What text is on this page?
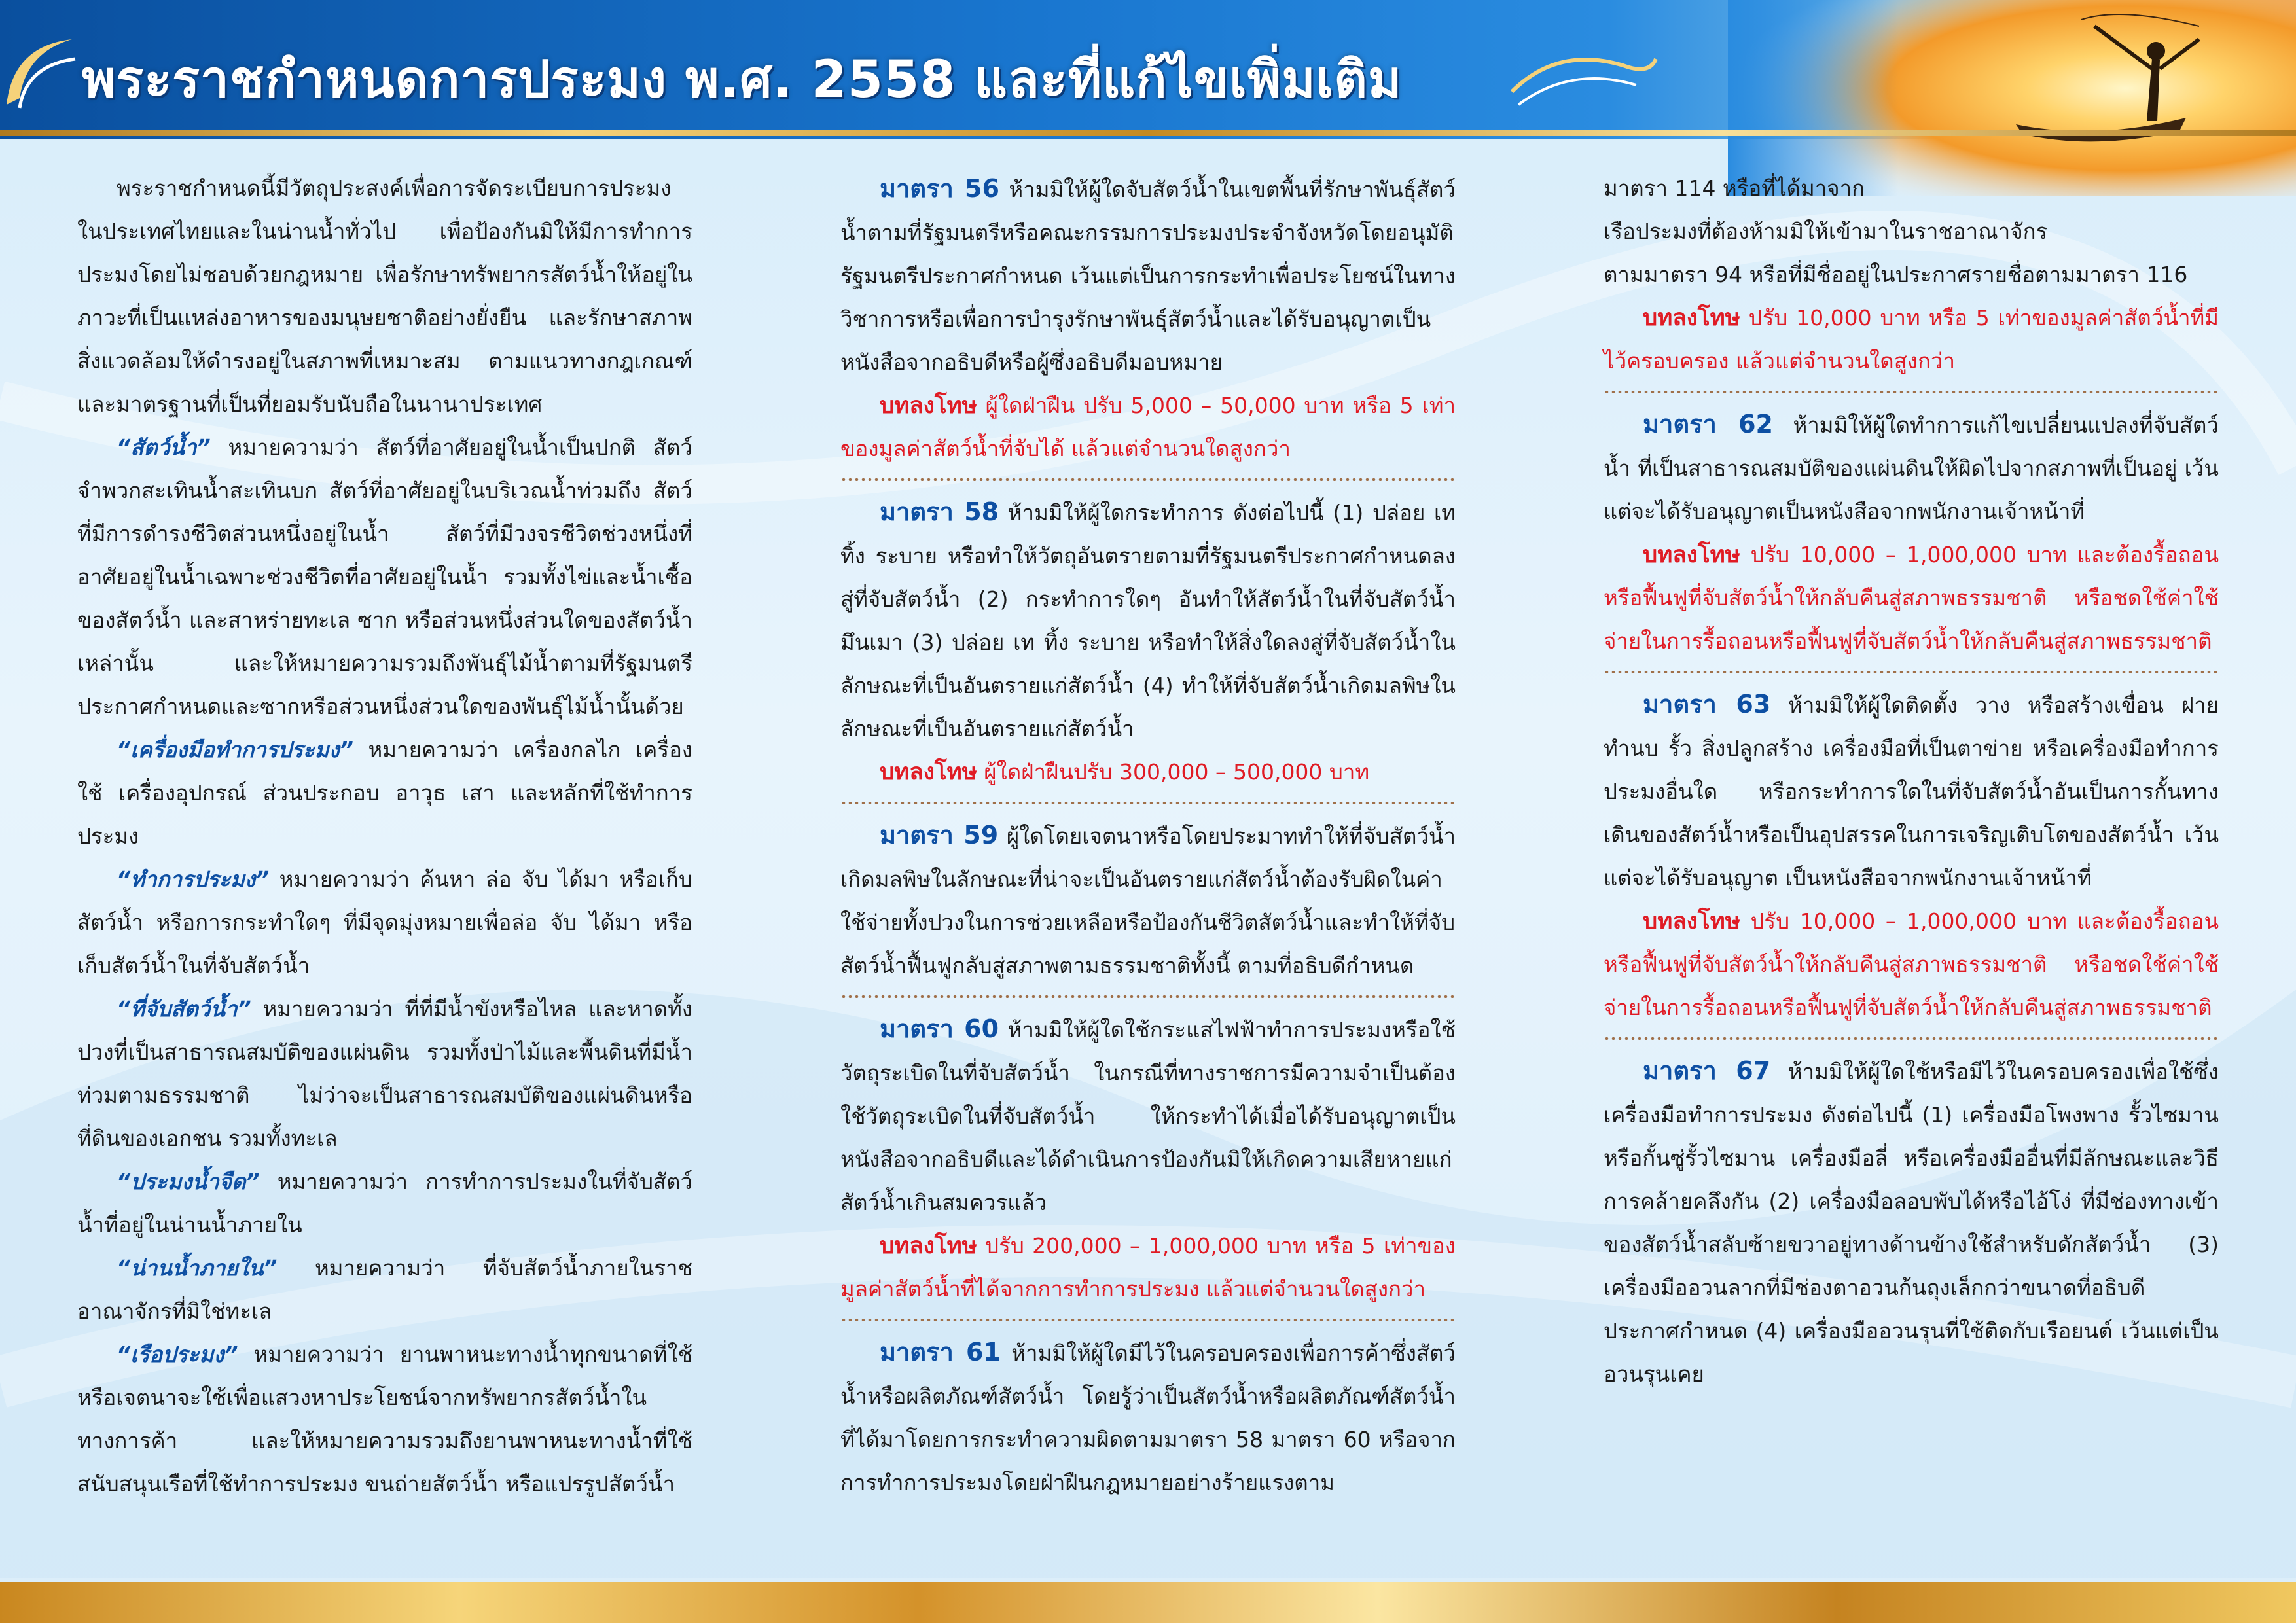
พระราชกำหนดการประมง พ.ศ. 2558 และที่แก้ไขเพิ่มเติม

พระราชกำหนดนี้มีวัตถุประสงค์เพื่อการจัดระเบียบการประมงในประเทศไทยและในน่านน้ำทั่วไป เพื่อป้องกันมิให้มีการทำการประมงโดยไม่ชอบด้วยกฎหมาย เพื่อรักษาทรัพยากรสัตว์น้ำให้อยู่ในภาวะที่เป็นแหล่งอาหารของมนุษยชาติอย่างยั่งยืน และรักษาสภาพสิ่งแวดล้อมให้ดำรงอยู่ในสภาพที่เหมาะสม ตามแนวทางกฎเกณฑ์และมาตรฐานที่เป็นที่ยอมรับนับถือในนานาประเทศ

“สัตว์น้ำ” หมายความว่า สัตว์ที่อาศัยอยู่ในน้ำเป็นปกติ สัตว์จำพวกสะเทินน้ำสะเทินบก สัตว์ที่อาศัยอยู่ในบริเวณน้ำท่วมถึง สัตว์ที่มีการดำรงชีวิตส่วนหนึ่งอยู่ในน้ำ สัตว์ที่มีวงจรชีวิตช่วงหนึ่งที่อาศัยอยู่ในน้ำเฉพาะช่วงชีวิตที่อาศัยอยู่ในน้ำ รวมทั้งไข่และน้ำเชื้อของสัตว์น้ำ และสาหร่ายทะเล ซาก หรือส่วนหนึ่งส่วนใดของสัตว์น้ำเหล่านั้น และให้หมายความรวมถึงพันธุ์ไม้น้ำตามที่รัฐมนตรีประกาศกำหนดและซากหรือส่วนหนึ่งส่วนใดของพันธุ์ไม้น้ำนั้นด้วย

“เครื่องมือทำการประมง” หมายความว่า เครื่องกลไก เครื่องใช้ เครื่องอุปกรณ์ ส่วนประกอบ อาวุธ เสา และหลักที่ใช้ทำการประมง

“ทำการประมง” หมายความว่า ค้นหา ล่อ จับ ได้มา หรือเก็บสัตว์น้ำ หรือการกระทำใดๆ ที่มีจุดมุ่งหมายเพื่อล่อ จับ ได้มา หรือเก็บสัตว์น้ำในที่จับสัตว์น้ำ

“ที่จับสัตว์น้ำ” หมายความว่า ที่ที่มีน้ำขังหรือไหล และหาดทั้งปวงที่เป็นสาธารณสมบัติของแผ่นดิน รวมทั้งป่าไม้และพื้นดินที่มีน้ำท่วมตามธรรมชาติ ไม่ว่าจะเป็นสาธารณสมบัติของแผ่นดินหรือที่ดินของเอกชน รวมทั้งทะเล

“ประมงน้ำจืด” หมายความว่า การทำการประมงในที่จับสัตว์น้ำที่อยู่ในน่านน้ำภายใน

“น่านน้ำภายใน” หมายความว่า ที่จับสัตว์น้ำภายในราชอาณาจักรที่มิใช่ทะเล

“เรือประมง” หมายความว่า ยานพาหนะทางน้ำทุกขนาดที่ใช้หรือเจตนาจะใช้เพื่อแสวงหาประโยชน์จากทรัพยากรสัตว์น้ำในทางการค้า และให้หมายความรวมถึงยานพาหนะทางน้ำที่ใช้สนับสนุนเรือที่ใช้ทำการประมง ขนถ่ายสัตว์น้ำ หรือแปรรูปสัตว์น้ำ

มาตรา 56 ห้ามมิให้ผู้ใดจับสัตว์น้ำในเขตพื้นที่รักษาพันธุ์สัตว์น้ำตามที่รัฐมนตรีหรือคณะกรรมการประมงประจำจังหวัดโดยอนุมัติรัฐมนตรีประกาศกำหนด เว้นแต่เป็นการกระทำเพื่อประโยชน์ในทางวิชาการหรือเพื่อการบำรุงรักษาพันธุ์สัตว์น้ำและได้รับอนุญาตเป็นหนังสือจากอธิบดีหรือผู้ซึ่งอธิบดีมอบหมาย

บทลงโทษ ผู้ใดฝ่าฝืน ปรับ 5,000 – 50,000 บาท หรือ 5 เท่า ของมูลค่าสัตว์น้ำที่จับได้ แล้วแต่จำนวนใดสูงกว่า

มาตรา 58 ห้ามมิให้ผู้ใดกระทำการ ดังต่อไปนี้ (1) ปล่อย เท ทิ้ง ระบาย หรือทำให้วัตถุอันตรายตามที่รัฐมนตรีประกาศกำหนดลงสู่ที่จับสัตว์น้ำ (2) กระทำการใดๆ อันทำให้สัตว์น้ำในที่จับสัตว์น้ำมึนเมา (3) ปล่อย เท ทิ้ง ระบาย หรือทำให้สิ่งใดลงสู่ที่จับสัตว์น้ำในลักษณะที่เป็นอันตรายแก่สัตว์น้ำ (4) ทำให้ที่จับสัตว์น้ำเกิดมลพิษในลักษณะที่เป็นอันตรายแก่สัตว์น้ำ

บทลงโทษ ผู้ใดฝ่าฝืนปรับ 300,000 – 500,000 บาท

มาตรา 59 ผู้ใดโดยเจตนาหรือโดยประมาททำให้ที่จับสัตว์น้ำเกิดมลพิษในลักษณะที่น่าจะเป็นอันตรายแก่สัตว์น้ำต้องรับผิดในค่าใช้จ่ายทั้งปวงในการช่วยเหลือหรือป้องกันชีวิตสัตว์น้ำและทำให้ที่จับสัตว์น้ำฟื้นฟูกลับสู่สภาพตามธรรมชาติทั้งนี้ ตามที่อธิบดีกำหนด

มาตรา 60 ห้ามมิให้ผู้ใดใช้กระแสไฟฟ้าทำการประมงหรือใช้วัตถุระเบิดในที่จับสัตว์น้ำ ในกรณีที่ทางราชการมีความจำเป็นต้องใช้วัตถุระเบิดในที่จับสัตว์น้ำ ให้กระทำได้เมื่อได้รับอนุญาตเป็นหนังสือจากอธิบดีและได้ดำเนินการป้องกันมิให้เกิดความเสียหายแก่สัตว์น้ำเกินสมควรแล้ว

บทลงโทษ ปรับ 200,000 – 1,000,000 บาท หรือ 5 เท่าของมูลค่าสัตว์น้ำที่ได้จากการทำการประมง แล้วแต่จำนวนใดสูงกว่า

มาตรา 61 ห้ามมิให้ผู้ใดมีไว้ในครอบครองเพื่อการค้าซึ่งสัตว์น้ำหรือผลิตภัณฑ์สัตว์น้ำ โดยรู้ว่าเป็นสัตว์น้ำหรือผลิตภัณฑ์สัตว์น้ำที่ได้มาโดยการกระทำความผิดตามมาตรา 58 มาตรา 60 หรือจากการทำการประมงโดยฝ่าฝืนกฎหมายอย่างร้ายแรงตาม

มาตรา 114 หรือที่ได้มาจาก

เรือประมงที่ต้องห้ามมิให้เข้ามาในราชอาณาจักร

ตามมาตรา 94 หรือที่มีชื่ออยู่ในประกาศรายชื่อตามมาตรา 116

บทลงโทษ ปรับ 10,000 บาท หรือ 5 เท่าของมูลค่าสัตว์น้ำที่มีไว้ครอบครอง แล้วแต่จำนวนใดสูงกว่า

มาตรา 62 ห้ามมิให้ผู้ใดทำการแก้ไขเปลี่ยนแปลงที่จับสัตว์น้ำ ที่เป็นสาธารณสมบัติของแผ่นดินให้ผิดไปจากสภาพที่เป็นอยู่ เว้นแต่จะได้รับอนุญาตเป็นหนังสือจากพนักงานเจ้าหน้าที่

บทลงโทษ ปรับ 10,000 – 1,000,000 บาท และต้องรื้อถอนหรือฟื้นฟูที่จับสัตว์น้ำให้กลับคืนสู่สภาพธรรมชาติ หรือชดใช้ค่าใช้จ่ายในการรื้อถอนหรือฟื้นฟูที่จับสัตว์น้ำให้กลับคืนสู่สภาพธรรมชาติ

มาตรา 63 ห้ามมิให้ผู้ใดติดตั้ง วาง หรือสร้างเขื่อน ฝาย ทำนบ รั้ว สิ่งปลูกสร้าง เครื่องมือที่เป็นตาข่าย หรือเครื่องมือทำการประมงอื่นใด หรือกระทำการใดในที่จับสัตว์น้ำอันเป็นการกั้นทางเดินของสัตว์น้ำหรือเป็นอุปสรรคในการเจริญเติบโตของสัตว์น้ำ เว้นแต่จะได้รับอนุญาต เป็นหนังสือจากพนักงานเจ้าหน้าที่

บทลงโทษ ปรับ 10,000 – 1,000,000 บาท และต้องรื้อถอนหรือฟื้นฟูที่จับสัตว์น้ำให้กลับคืนสู่สภาพธรรมชาติ หรือชดใช้ค่าใช้จ่ายในการรื้อถอนหรือฟื้นฟูที่จับสัตว์น้ำให้กลับคืนสู่สภาพธรรมชาติ

มาตรา 67 ห้ามมิให้ผู้ใดใช้หรือมีไว้ในครอบครองเพื่อใช้ซึ่งเครื่องมือทำการประมง ดังต่อไปนี้ (1) เครื่องมือโพงพาง รั้วไซมานหรือกั้นซู่รั้วไซมาน เครื่องมือลี่ หรือเครื่องมืออื่นที่มีลักษณะและวิธีการคล้ายคลึงกัน (2) เครื่องมือลอบพับได้หรือไอ้โง่ ที่มีช่องทางเข้าของสัตว์น้ำสลับซ้ายขวาอยู่ทางด้านข้างใช้สำหรับดักสัตว์น้ำ (3) เครื่องมืออวนลากที่มีช่องตาอวนก้นถุงเล็กกว่าขนาดที่อธิบดีประกาศกำหนด (4) เครื่องมืออวนรุนที่ใช้ติดกับเรือยนต์ เว้นแต่เป็นอวนรุนเคย
